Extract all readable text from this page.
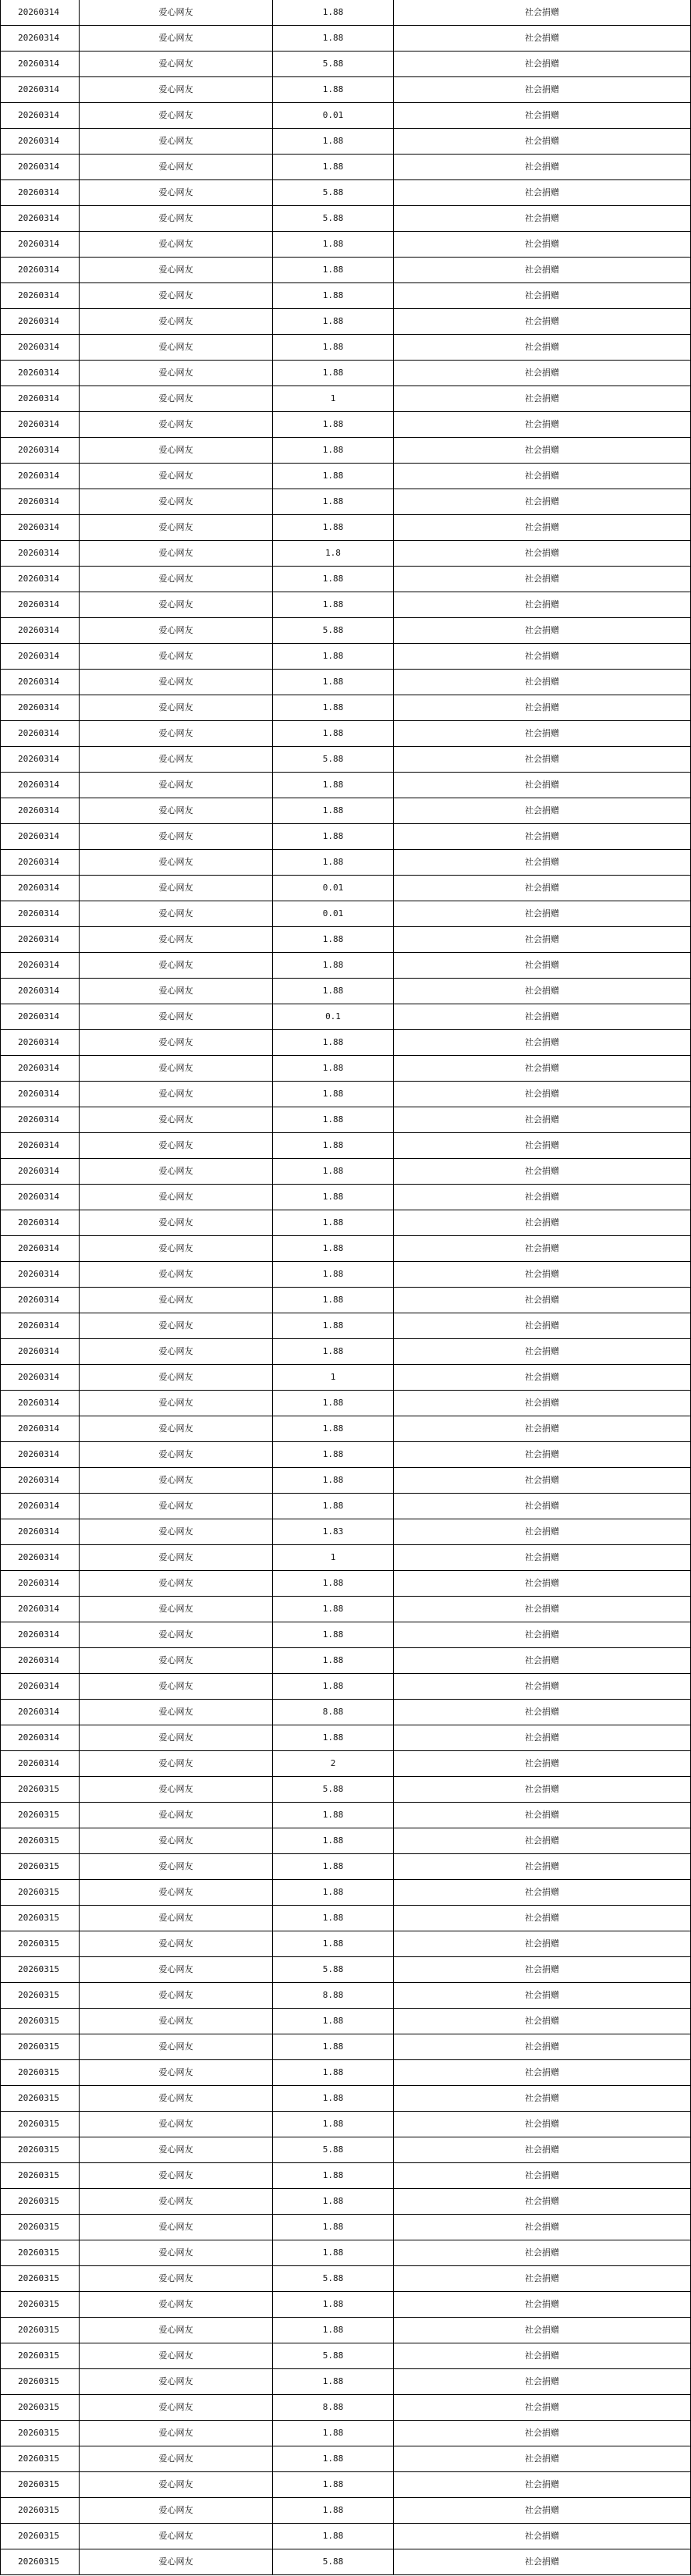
20260314	爱心网友	1.88	社会捐赠
20260314	爱心网友	1.88	社会捐赠
20260314	爱心网友	5.88	社会捐赠
20260314	爱心网友	1.88	社会捐赠
20260314	爱心网友	0.01	社会捐赠
20260314	爱心网友	1.88	社会捐赠
20260314	爱心网友	1.88	社会捐赠
20260314	爱心网友	5.88	社会捐赠
20260314	爱心网友	5.88	社会捐赠
20260314	爱心网友	1.88	社会捐赠
20260314	爱心网友	1.88	社会捐赠
20260314	爱心网友	1.88	社会捐赠
20260314	爱心网友	1.88	社会捐赠
20260314	爱心网友	1.88	社会捐赠
20260314	爱心网友	1.88	社会捐赠
20260314	爱心网友	1	社会捐赠
20260314	爱心网友	1.88	社会捐赠
20260314	爱心网友	1.88	社会捐赠
20260314	爱心网友	1.88	社会捐赠
20260314	爱心网友	1.88	社会捐赠
20260314	爱心网友	1.88	社会捐赠
20260314	爱心网友	1.8	社会捐赠
20260314	爱心网友	1.88	社会捐赠
20260314	爱心网友	1.88	社会捐赠
20260314	爱心网友	5.88	社会捐赠
20260314	爱心网友	1.88	社会捐赠
20260314	爱心网友	1.88	社会捐赠
20260314	爱心网友	1.88	社会捐赠
20260314	爱心网友	1.88	社会捐赠
20260314	爱心网友	5.88	社会捐赠
20260314	爱心网友	1.88	社会捐赠
20260314	爱心网友	1.88	社会捐赠
20260314	爱心网友	1.88	社会捐赠
20260314	爱心网友	1.88	社会捐赠
20260314	爱心网友	0.01	社会捐赠
20260314	爱心网友	0.01	社会捐赠
20260314	爱心网友	1.88	社会捐赠
20260314	爱心网友	1.88	社会捐赠
20260314	爱心网友	1.88	社会捐赠
20260314	爱心网友	0.1	社会捐赠
20260314	爱心网友	1.88	社会捐赠
20260314	爱心网友	1.88	社会捐赠
20260314	爱心网友	1.88	社会捐赠
20260314	爱心网友	1.88	社会捐赠
20260314	爱心网友	1.88	社会捐赠
20260314	爱心网友	1.88	社会捐赠
20260314	爱心网友	1.88	社会捐赠
20260314	爱心网友	1.88	社会捐赠
20260314	爱心网友	1.88	社会捐赠
20260314	爱心网友	1.88	社会捐赠
20260314	爱心网友	1.88	社会捐赠
20260314	爱心网友	1.88	社会捐赠
20260314	爱心网友	1.88	社会捐赠
20260314	爱心网友	1	社会捐赠
20260314	爱心网友	1.88	社会捐赠
20260314	爱心网友	1.88	社会捐赠
20260314	爱心网友	1.88	社会捐赠
20260314	爱心网友	1.88	社会捐赠
20260314	爱心网友	1.88	社会捐赠
20260314	爱心网友	1.83	社会捐赠
20260314	爱心网友	1	社会捐赠
20260314	爱心网友	1.88	社会捐赠
20260314	爱心网友	1.88	社会捐赠
20260314	爱心网友	1.88	社会捐赠
20260314	爱心网友	1.88	社会捐赠
20260314	爱心网友	1.88	社会捐赠
20260314	爱心网友	8.88	社会捐赠
20260314	爱心网友	1.88	社会捐赠
20260314	爱心网友	2	社会捐赠
20260315	爱心网友	5.88	社会捐赠
20260315	爱心网友	1.88	社会捐赠
20260315	爱心网友	1.88	社会捐赠
20260315	爱心网友	1.88	社会捐赠
20260315	爱心网友	1.88	社会捐赠
20260315	爱心网友	1.88	社会捐赠
20260315	爱心网友	1.88	社会捐赠
20260315	爱心网友	5.88	社会捐赠
20260315	爱心网友	8.88	社会捐赠
20260315	爱心网友	1.88	社会捐赠
20260315	爱心网友	1.88	社会捐赠
20260315	爱心网友	1.88	社会捐赠
20260315	爱心网友	1.88	社会捐赠
20260315	爱心网友	1.88	社会捐赠
20260315	爱心网友	5.88	社会捐赠
20260315	爱心网友	1.88	社会捐赠
20260315	爱心网友	1.88	社会捐赠
20260315	爱心网友	1.88	社会捐赠
20260315	爱心网友	1.88	社会捐赠
20260315	爱心网友	5.88	社会捐赠
20260315	爱心网友	1.88	社会捐赠
20260315	爱心网友	1.88	社会捐赠
20260315	爱心网友	5.88	社会捐赠
20260315	爱心网友	1.88	社会捐赠
20260315	爱心网友	8.88	社会捐赠
20260315	爱心网友	1.88	社会捐赠
20260315	爱心网友	1.88	社会捐赠
20260315	爱心网友	1.88	社会捐赠
20260315	爱心网友	1.88	社会捐赠
20260315	爱心网友	1.88	社会捐赠
20260315	爱心网友	5.88	社会捐赠
